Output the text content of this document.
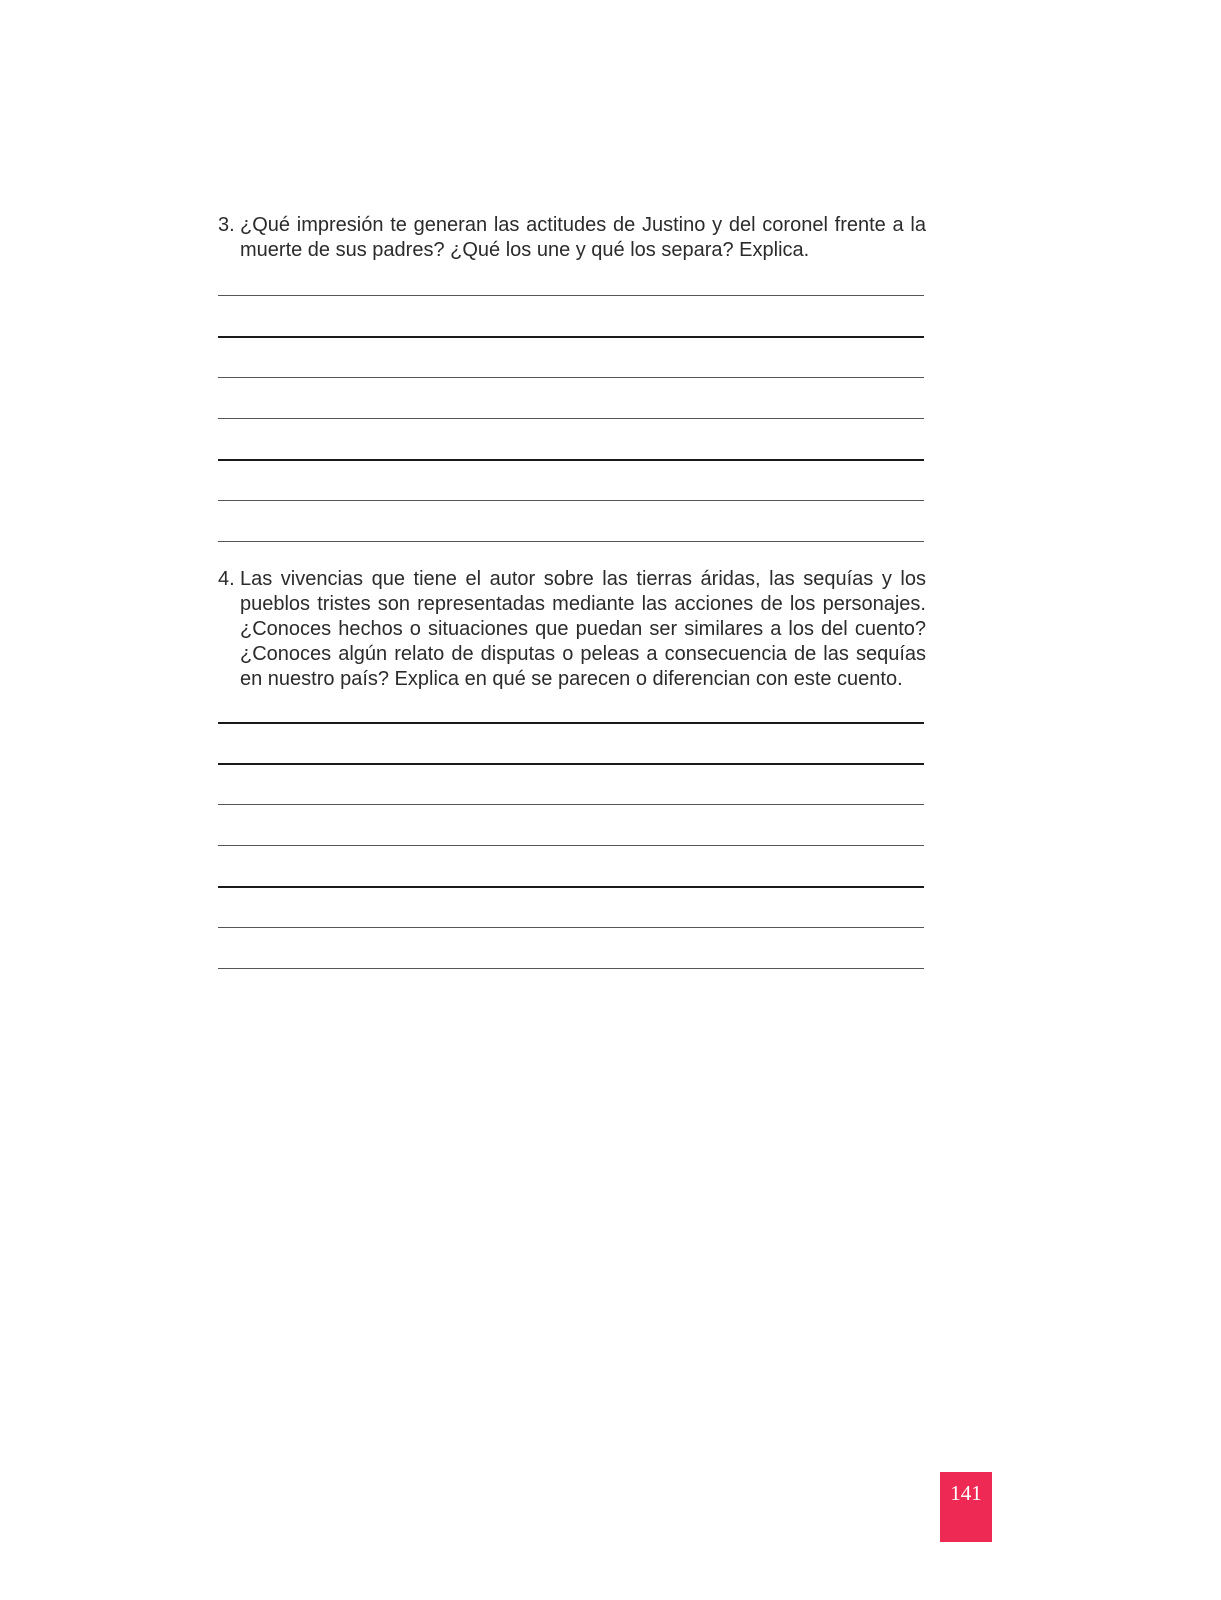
3. ¿Qué impresión te generan las actitudes de Justino y del coronel frente a la muerte de sus padres? ¿Qué los une y qué los separa? Explica.
4. Las vivencias que tiene el autor sobre las tierras áridas, las sequías y los pueblos tristes son representadas mediante las acciones de los personajes. ¿Conoces hechos o situaciones que puedan ser similares a los del cuento? ¿Conoces algún relato de disputas o peleas a consecuencia de las sequías en nuestro país? Explica en qué se parecen o diferencian con este cuento.
141
